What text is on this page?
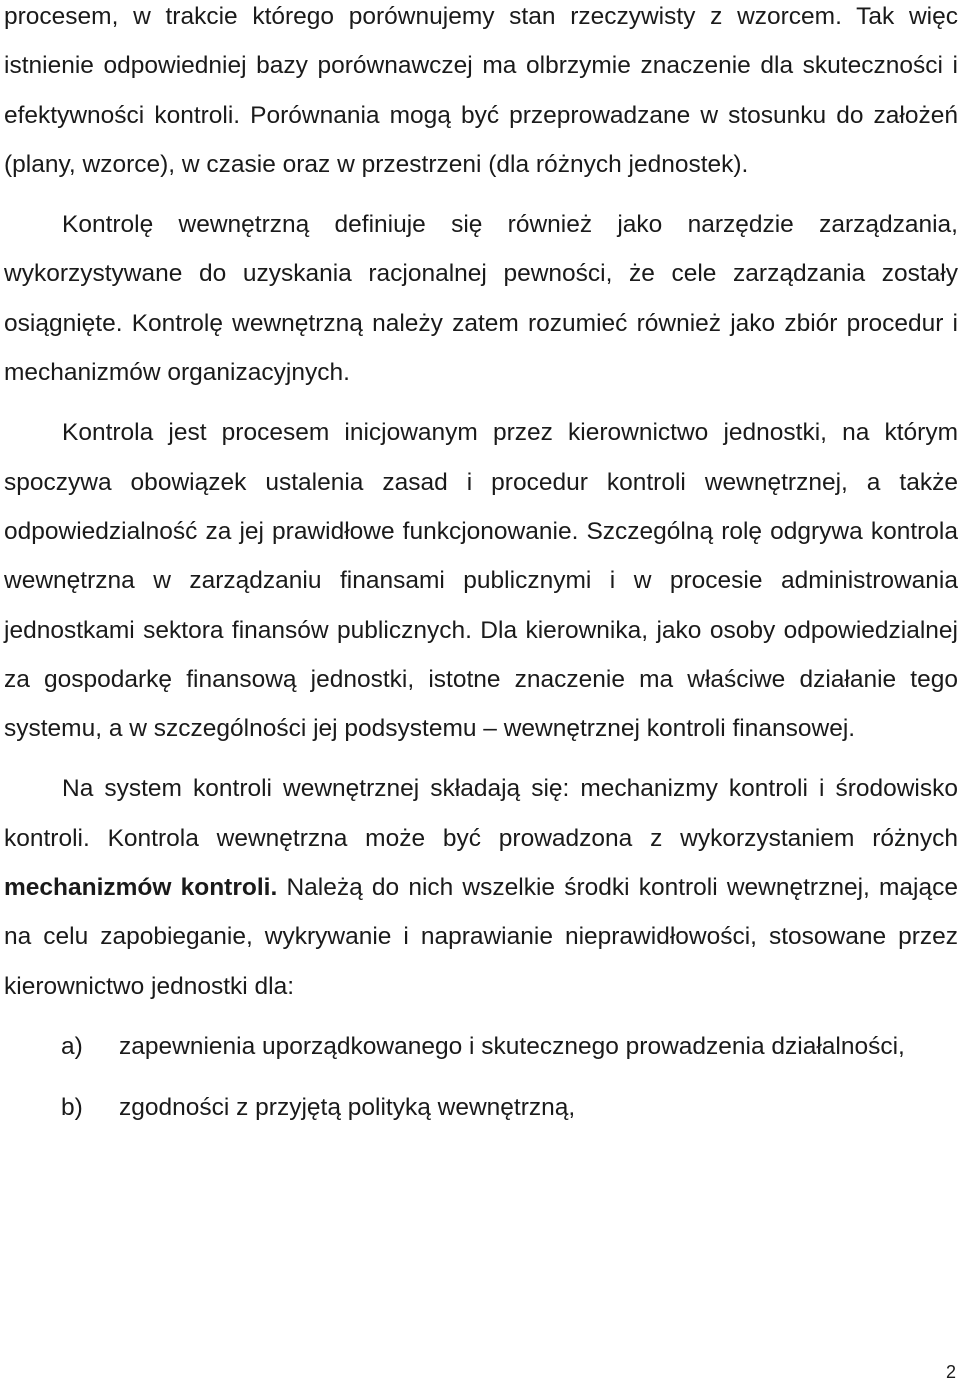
procesem, w trakcie którego porównujemy stan rzeczywisty z wzorcem. Tak więc istnienie odpowiedniej bazy porównawczej ma olbrzymie znaczenie dla skuteczności i efektywności kontroli. Porównania mogą być przeprowadzane w stosunku do założeń (plany, wzorce), w czasie oraz w przestrzeni (dla różnych jednostek).

Kontrolę wewnętrzną definiuje się również jako narzędzie zarządzania, wykorzystywane do uzyskania racjonalnej pewności, że cele zarządzania zostały osiągnięte. Kontrolę wewnętrzną należy zatem rozumieć również jako zbiór procedur i mechanizmów organizacyjnych.

Kontrola jest procesem inicjowanym przez kierownictwo jednostki, na którym spoczywa obowiązek ustalenia zasad i procedur kontroli wewnętrznej, a także odpowiedzialność za jej prawidłowe funkcjonowanie. Szczególną rolę odgrywa kontrola wewnętrzna w zarządzaniu finansami publicznymi i w procesie administrowania jednostkami sektora finansów publicznych. Dla kierownika, jako osoby odpowiedzialnej za gospodarkę finansową jednostki, istotne znaczenie ma właściwe działanie tego systemu, a w szczególności jej podsystemu – wewnętrznej kontroli finansowej.

Na system kontroli wewnętrznej składają się: mechanizmy kontroli i środowisko kontroli. Kontrola wewnętrzna może być prowadzona z wykorzystaniem różnych mechanizmów kontroli. Należą do nich wszelkie środki kontroli wewnętrznej, mające na celu zapobieganie, wykrywanie i naprawianie nieprawidłowości, stosowane przez kierownictwo jednostki dla:

a) zapewnienia uporządkowanego i skutecznego prowadzenia działalności,
b) zgodności z przyjętą polityką wewnętrzną,
2
